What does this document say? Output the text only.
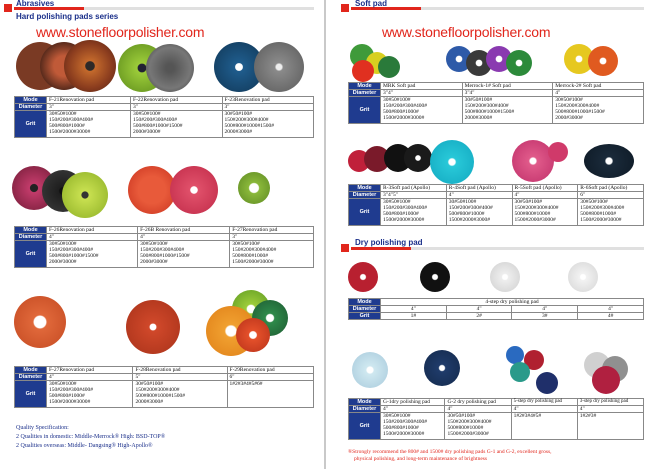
Abrasives
Hard polishing pads series
www.stonefloorpolisher.com
Mode	F-21Renovation pad	F-22Renovation pad	F-23Renovation pad
Diameter	3"	3"	3"
Grit	30#50#100#
150#200#300#400#
500#800#1000#
1500#2000#3000#	30#50#100#
150#200#300#400#
500#800#1000#1500#
2000#3000#	30#50#100#
150#200#300#400#
500#800#1000#1500#
2000#3000#
Mode	F-26Renovation pad	F-26B Renovation pad	F-27Renovation pad
Diameter	4"	4"	3"
Grit	30#50#100#
150#200#300#400#
500#800#1000#1500#
2000#3000#	30#50#100#
150#200#300#400#
500#800#1000#1500#
2000#3000#	30#50#100#
150#200#300#400#
500#800#1000#
1500#2000#3000#
Mode	F-27Renovation pad	F-28Renovation pad	F-29Renovation pad
Diameter	4"	5"	6"
Grit	30#50#100#
150#200#300#400#
500#800#1000#
1500#2000#3000#	30#50#100#
150#200#300#400#
500#800#1000#1500#
2000#3000#	1#2#3#4#5#6#
Quality Specification:
2 Qualities in domestic: Middle-Merrock® High: BSD-TOP®
2 Qualities overseas: Middle- Dangsing® High-Apollo®
Soft pad
www.stonefloorpolisher.com
Mode	MRK Soft pad	Merrock-1# Soft pad	Merrock-2# Soft pad
Diameter	3"4"	3"4"	4"
Grit	30#50#100#
150#200#300#400#
500#800#1000#
1500#2000#3000#	30#50#100#
150#200#300#400#
500#800#1000#1500#
2000#3000#	30#50#100#
150#200#300#400#
500#800#1000#1500#
2000#3000#
Mode	R-3Soft pad (Apollo)	R-4Soft pad (Apollo)	R-5Soft pad (Apollo)	R-6Soft pad (Apollo)
Diameter	3"4"5"	4"	4"	6"
Grit	30#50#100#
150#200#300#400#
500#800#1000#
1500#2000#3000#	30#50#100#
150#200#300#400#
500#800#1000#
1500#2000#3000#	30#50#100#
150#200#300#400#
500#800#1000#
1500#2000#3000#	30#50#100#
150#200#300#400#
500#800#1000#
1500#2000#3000#
Dry polishing pad
Mode	4-step dry polishing pad			
Diameter	4"	4"	4"	4"
Grit	1#	2#	3#	4#
Mode	G-1dry polishing pad	G-2 dry polishing pad	5-step dry polishing pad	3-step dry polishing pad
Diameter	4"	4"	4"	4"
Grit	30#50#100#
150#200#300#400#
500#800#1000#
1500#2000#3000#	30#50#100#
150#200#300#400#
500#800#1000#
1500#2000#3000#	1#2#3#4#5#	1#2#3#
®Strongly recommend the 800# and 1500# dry polishing pads G-1 and G-2, excellent gross,
physical polishing, and long-term maintenance of brightness
